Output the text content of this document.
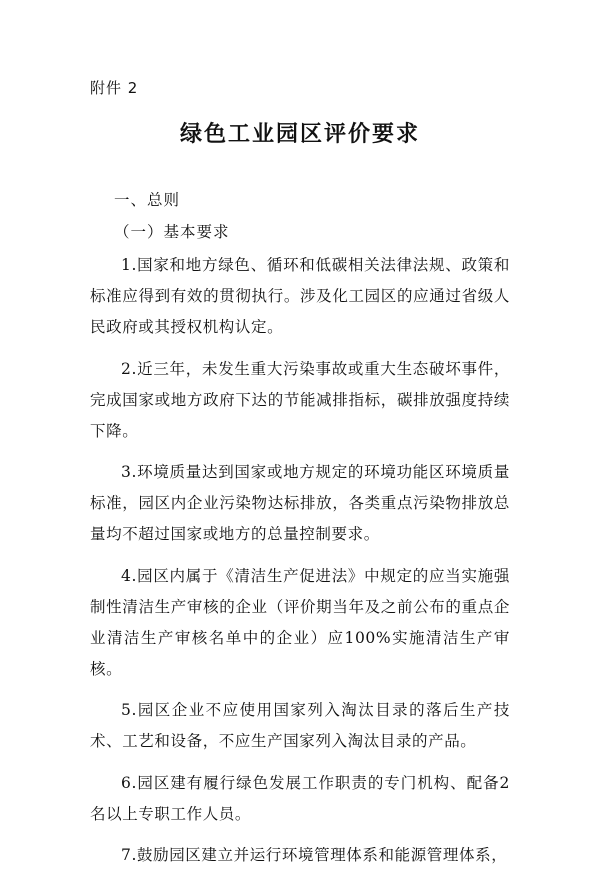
附件 2
绿色工业园区评价要求
一、总则
（一）基本要求

1.国家和地方绿色、循环和低碳相关法律法规、政策和标准应得到有效的贯彻执行。涉及化工园区的应通过省级人民政府或其授权机构认定。

2.近三年，未发生重大污染事故或重大生态破坏事件，完成国家或地方政府下达的节能减排指标，碳排放强度持续下降。

3.环境质量达到国家或地方规定的环境功能区环境质量标准，园区内企业污染物达标排放，各类重点污染物排放总量均不超过国家或地方的总量控制要求。

4.园区内属于《清洁生产促进法》中规定的应当实施强制性清洁生产审核的企业（评价期当年及之前公布的重点企业清洁生产审核名单中的企业）应100%实施清洁生产审核。

5.园区企业不应使用国家列入淘汰目录的落后生产技术、工艺和设备，不应生产国家列入淘汰目录的产品。

6.园区建有履行绿色发展工作职责的专门机构、配备2名以上专职工作人员。

7.鼓励园区建立并运行环境管理体系和能源管理体系，
